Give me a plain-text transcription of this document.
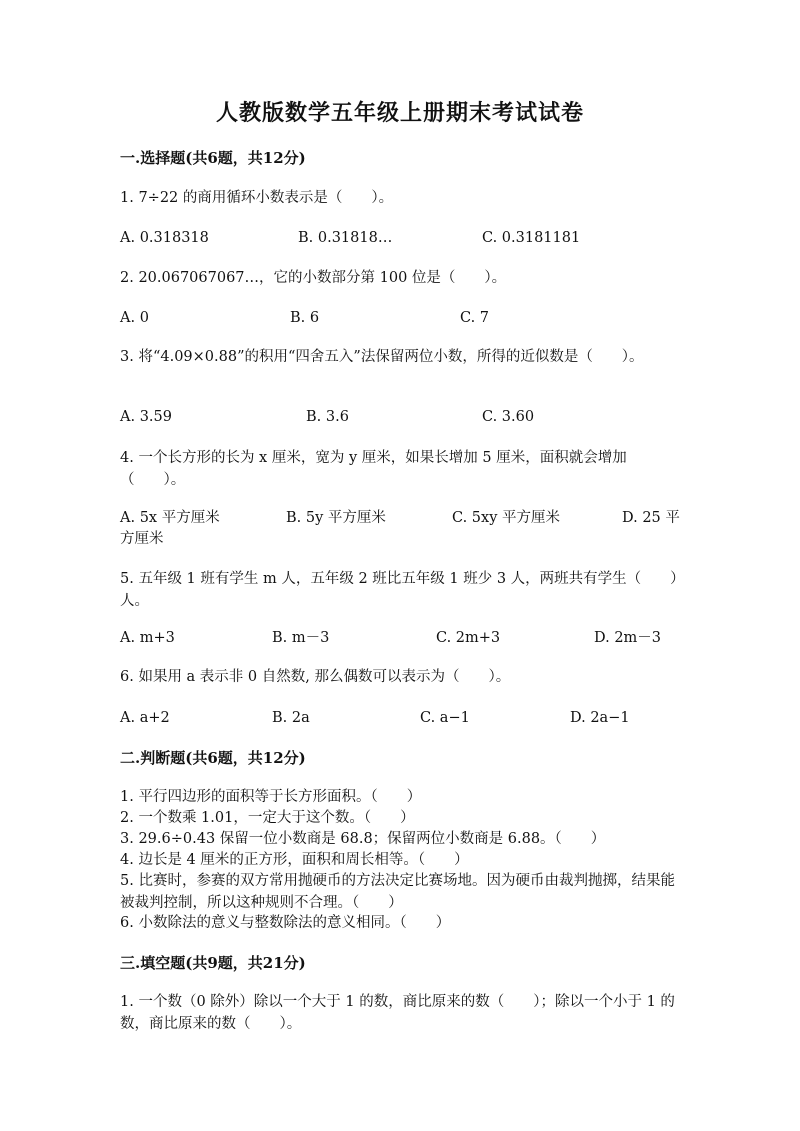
人教版数学五年级上册期末考试试卷
一.选择题(共6题，共12分)
1. 7÷22 的商用循环小数表示是（　　）。
A. 0.318318	B. 0.31818…	C. 0.3181181
2. 20.067067067…，它的小数部分第 100 位是（　　）。
A. 0	B. 6	C. 7
3. 将“4.09×0.88”的积用“四舍五入”法保留两位小数，所得的近似数是（　　）。
A. 3.59	B. 3.6	C. 3.60
4. 一个长方形的长为 x 厘米，宽为 y 厘米，如果长增加 5 厘米，面积就会增加（　　）。
A. 5x 平方厘米	B. 5y 平方厘米	C. 5xy 平方厘米	D. 25 平
方厘米
5. 五年级 1 班有学生 m 人，五年级 2 班比五年级 1 班少 3 人，两班共有学生（　　）人。
A. m+3	B. m－3	C. 2m+3	D. 2m－3
6. 如果用 a 表示非 0 自然数, 那么偶数可以表示为（　　）。
A. a+2	B. 2a	C. a−1	D. 2a−1
二.判断题(共6题，共12分)
1. 平行四边形的面积等于长方形面积。（　　）
2. 一个数乘 1.01，一定大于这个数。（　　）
3. 29.6÷0.43 保留一位小数商是 68.8；保留两位小数商是 6.88。（　　）
4. 边长是 4 厘米的正方形，面积和周长相等。（　　）
5. 比赛时，参赛的双方常用抛硬币的方法决定比赛场地。因为硬币由裁判抛掷，结果能被裁判控制，所以这种规则不合理。（　　）
6. 小数除法的意义与整数除法的意义相同。（　　）
三.填空题(共9题，共21分)
1. 一个数（0 除外）除以一个大于 1 的数，商比原来的数（　　）；除以一个小于 1 的数，商比原来的数（　　）。
